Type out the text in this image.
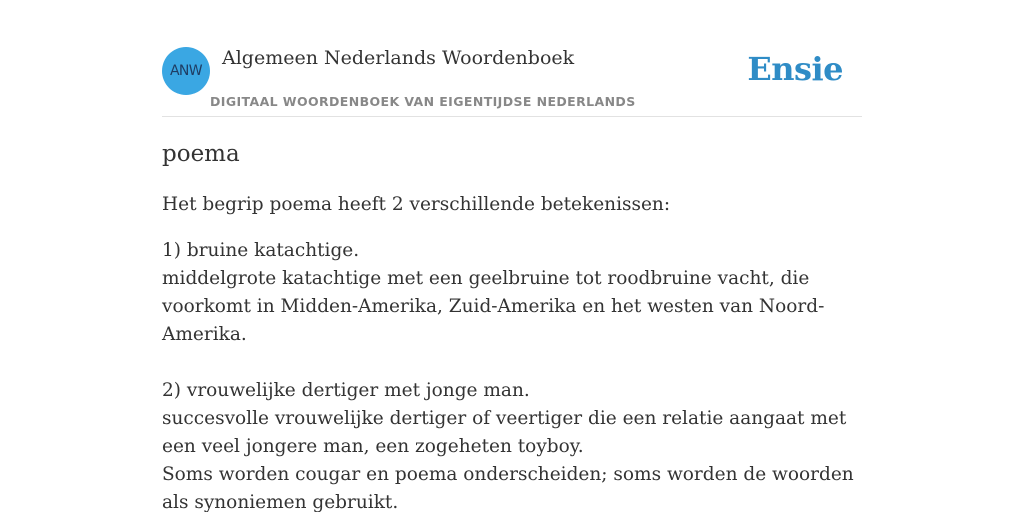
ANW
Algemeen Nederlands Woordenboek
DIGITAAL WOORDENBOEK VAN EIGENTIJDSE NEDERLANDS
Ensie
poema

Het begrip poema heeft 2 verschillende betekenissen:

1) bruine katachtige.

middelgrote katachtige met een geelbruine tot roodbruine vacht, die voorkomt in Midden-Amerika, Zuid-Amerika en het westen van Noord-Amerika.

2) vrouwelijke dertiger met jonge man.

succesvolle vrouwelijke dertiger of veertiger die een relatie aangaat met een veel jongere man, een zogeheten toyboy.

Soms worden cougar en poema onderscheiden; soms worden de woorden als synoniemen gebruikt.
